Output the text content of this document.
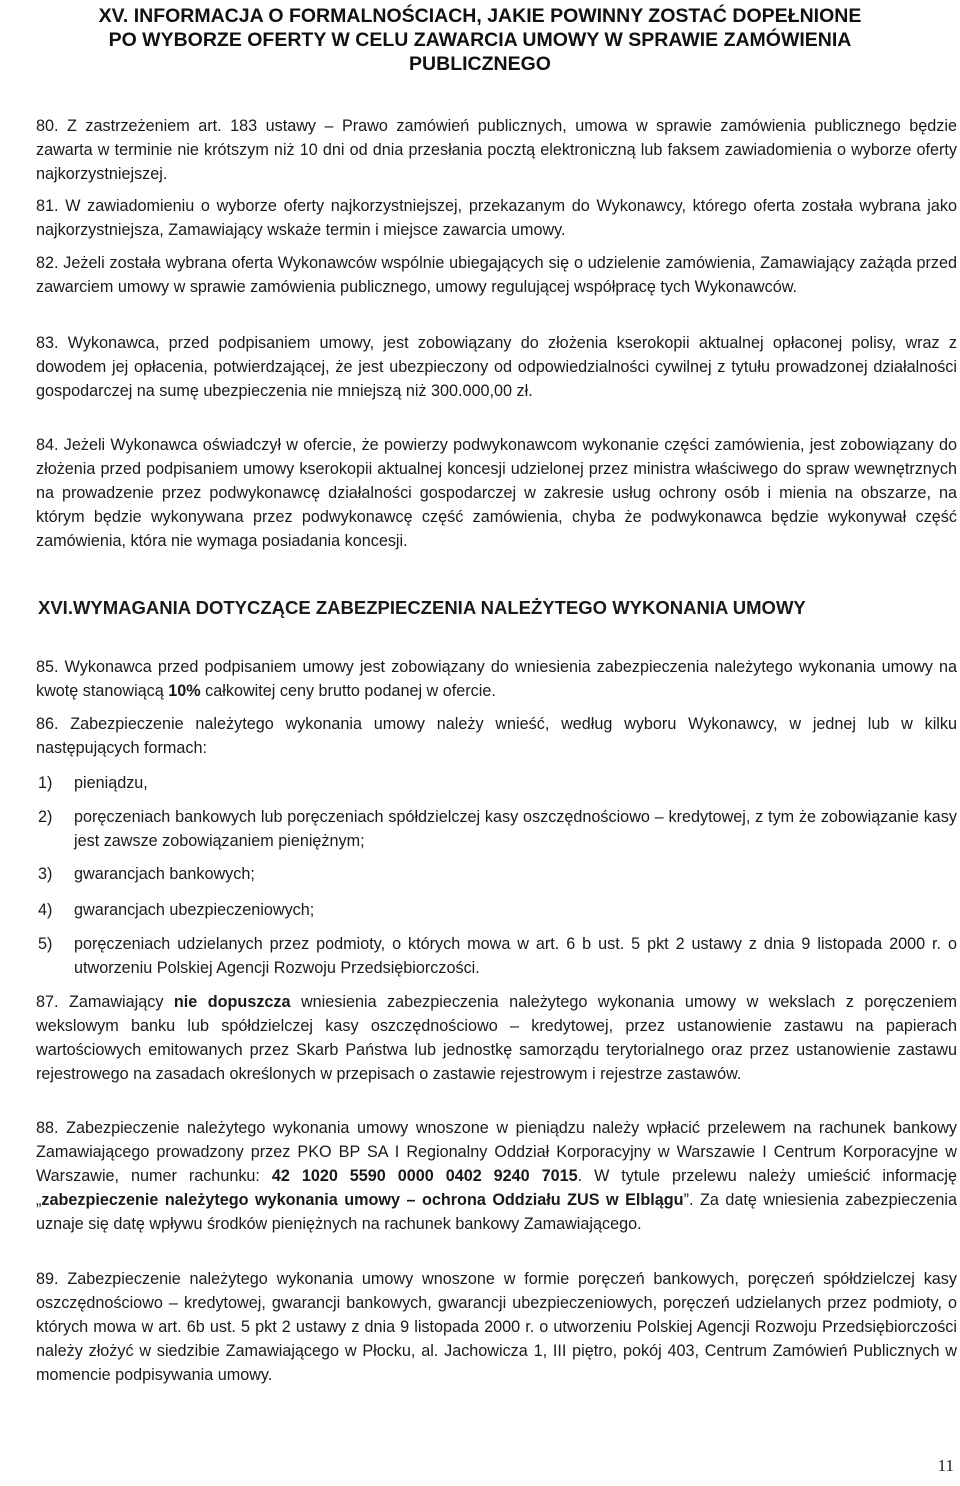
XV. INFORMACJA O FORMALNOŚCIACH, JAKIE POWINNY ZOSTAĆ DOPEŁNIONE
PO WYBORZE OFERTY W CELU ZAWARCIA UMOWY W SPRAWIE ZAMÓWIENIA
PUBLICZNEGO
80. Z zastrzeżeniem art. 183 ustawy – Prawo zamówień publicznych, umowa w sprawie zamówienia publicznego będzie zawarta w terminie nie krótszym niż 10 dni od dnia przesłania pocztą elektroniczną lub faksem zawiadomienia o wyborze oferty najkorzystniejszej.
81. W zawiadomieniu o wyborze oferty najkorzystniejszej, przekazanym do Wykonawcy, którego oferta została wybrana jako najkorzystniejsza, Zamawiający wskaże termin i miejsce zawarcia umowy.
82. Jeżeli została wybrana oferta Wykonawców wspólnie ubiegających się o udzielenie zamówienia, Zamawiający zażąda przed zawarciem umowy w sprawie zamówienia publicznego, umowy regulującej współpracę tych Wykonawców.
83. Wykonawca, przed podpisaniem umowy, jest zobowiązany do złożenia kserokopii aktualnej opłaconej polisy, wraz z dowodem jej opłacenia, potwierdzającej, że jest ubezpieczony od odpowiedzialności cywilnej z tytułu prowadzonej działalności gospodarczej na sumę ubezpieczenia nie mniejszą niż 300.000,00 zł.
84. Jeżeli Wykonawca oświadczył w ofercie, że powierzy podwykonawcom wykonanie części zamówienia, jest zobowiązany do złożenia przed podpisaniem umowy kserokopii aktualnej koncesji udzielonej przez ministra właściwego do spraw wewnętrznych na prowadzenie przez podwykonawcę działalności gospodarczej w zakresie usług ochrony osób i mienia na obszarze, na którym będzie wykonywana przez podwykonawcę część zamówienia, chyba że podwykonawca będzie wykonywał część zamówienia, która nie wymaga posiadania koncesji.
XVI.WYMAGANIA DOTYCZĄCE ZABEZPIECZENIA NALEŻYTEGO WYKONANIA UMOWY
85. Wykonawca przed podpisaniem umowy jest zobowiązany do wniesienia zabezpieczenia należytego wykonania umowy na kwotę stanowiącą 10% całkowitej ceny brutto podanej w ofercie.
86. Zabezpieczenie należytego wykonania umowy należy wnieść, według wyboru Wykonawcy, w jednej lub w kilku następujących formach:
1) pieniądzu,
2) poręczeniach bankowych lub poręczeniach spółdzielczej kasy oszczędnościowo – kredytowej, z tym że zobowiązanie kasy jest zawsze zobowiązaniem pieniężnym;
3) gwarancjach bankowych;
4) gwarancjach ubezpieczeniowych;
5) poręczeniach udzielanych przez podmioty, o których mowa w art. 6 b ust. 5 pkt 2 ustawy z dnia 9 listopada 2000 r. o utworzeniu Polskiej Agencji Rozwoju Przedsiębiorczości.
87. Zamawiający nie dopuszcza wniesienia zabezpieczenia należytego wykonania umowy w wekslach z poręczeniem wekslowym banku lub spółdzielczej kasy oszczędnościowo – kredytowej, przez ustanowienie zastawu na papierach wartościowych emitowanych przez Skarb Państwa lub jednostkę samorządu terytorialnego oraz przez ustanowienie zastawu rejestrowego na zasadach określonych w przepisach o zastawie rejestrowym i rejestrze zastawów.
88. Zabezpieczenie należytego wykonania umowy wnoszone w pieniądzu należy wpłacić przelewem na rachunek bankowy Zamawiającego prowadzony przez PKO BP SA I Regionalny Oddział Korporacyjny w Warszawie I Centrum Korporacyjne w Warszawie, numer rachunku: 42 1020 5590 0000 0402 9240 7015. W tytule przelewu należy umieścić informację „zabezpieczenie należytego wykonania umowy – ochrona Oddziału ZUS w Elblągu”. Za datę wniesienia zabezpieczenia uznaje się datę wpływu środków pieniężnych na rachunek bankowy Zamawiającego.
89. Zabezpieczenie należytego wykonania umowy wnoszone w formie poręczeń bankowych, poręczeń spółdzielczej kasy oszczędnościowo – kredytowej, gwarancji bankowych, gwarancji ubezpieczeniowych, poręczeń udzielanych przez podmioty, o których mowa w art. 6b ust. 5 pkt 2 ustawy z dnia 9 listopada 2000 r. o utworzeniu Polskiej Agencji Rozwoju Przedsiębiorczości należy złożyć w siedzibie Zamawiającego w Płocku, al. Jachowicza 1, III piętro, pokój 403, Centrum Zamówień Publicznych w momencie podpisywania umowy.
11
